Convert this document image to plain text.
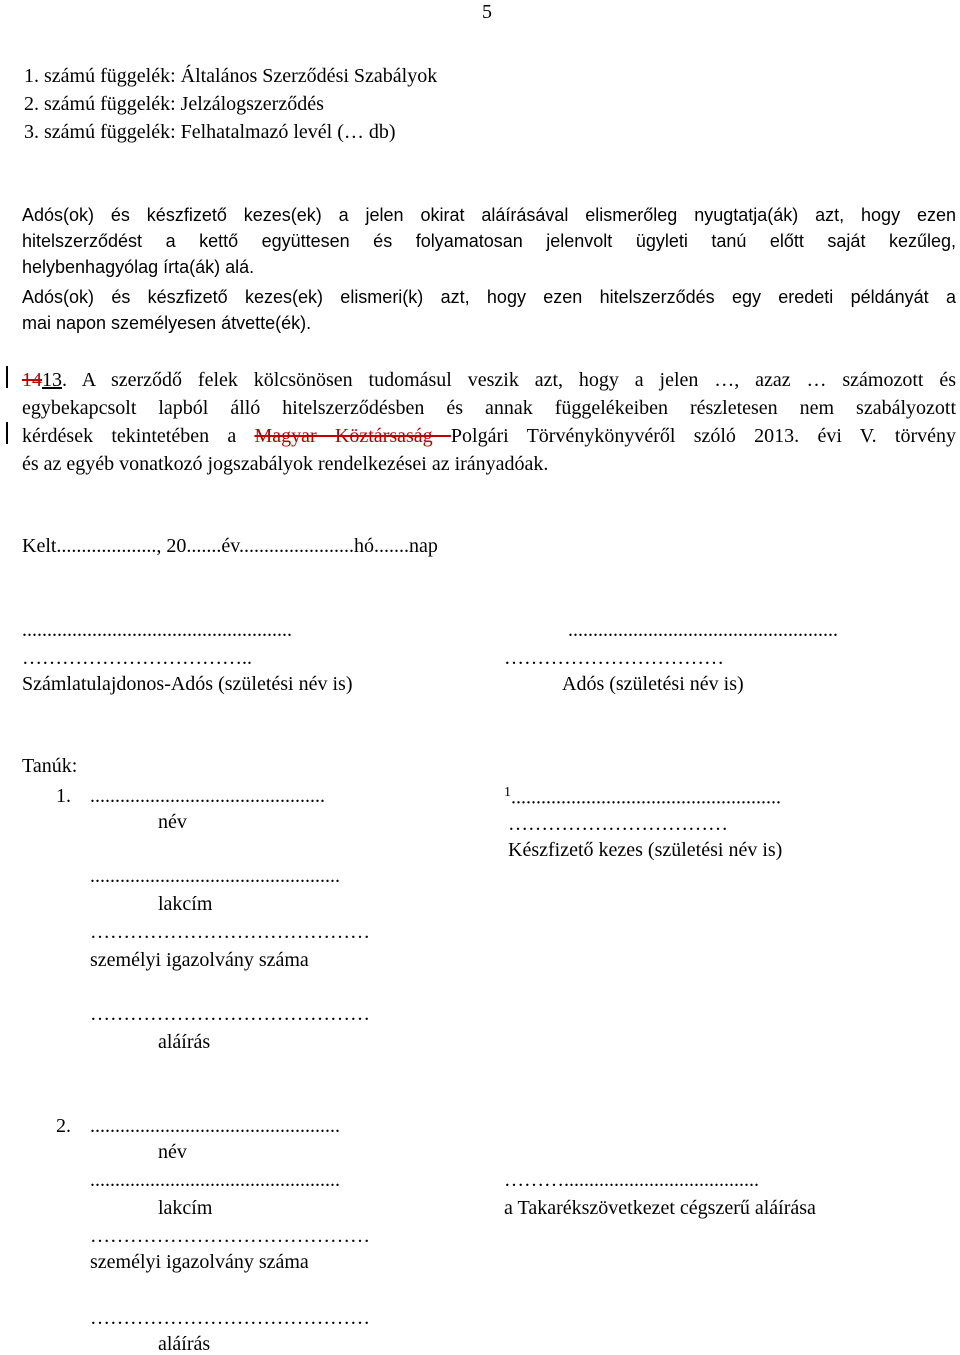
5
1. számú függelék: Általános Szerződési Szabályok
2. számú függelék: Jelzálogszerződés
3. számú függelék: Felhatalmazó levél (… db)
Adós(ok) és készfizető kezes(ek) a jelen okirat aláírásával elismerőleg nyugtatja(ák) azt, hogy ezen
hitelszerződést a kettő együttesen és folyamatosan jelenvolt ügyleti tanú előtt saját kezűleg,
helybenhagyólag írta(ák) alá.
Adós(ok) és készfizető kezes(ek) elismeri(k) azt, hogy ezen hitelszerződés egy eredeti példányát a
mai napon személyesen átvette(ék).
1413. A szerződő felek kölcsönösen tudomásul veszik azt, hogy a jelen …, azaz … számozott és
egybekapcsolt lapból álló hitelszerződésben és annak függelékeiben részletesen nem szabályozott
kérdések tekintetében a Magyar Köztársaság Polgári Törvénykönyvéről szóló 2013. évi V. törvény
és az egyéb vonatkozó jogszabályok rendelkezései az irányadóak.
Kelt...................., 20.......év.......................hó.......nap
......................................................
……………………………..
Számlatulajdonos-Adós (születési név is)
......................................................
……………………………
Adós (születési név is)
Tanúk:
1. ...............................................
név
..................................................
lakcím
……………………………………
személyi igazolvány száma
……………………………………
aláírás
$^1$......................................................
……………………………
Készfizető kezes (születési név is)
2. ..................................................
név
..................................................
lakcím
……………………………………
személyi igazolvány száma
……………………………………
aláírás
……….......................................
a Takarékszövetkezet cégszerű aláírása
